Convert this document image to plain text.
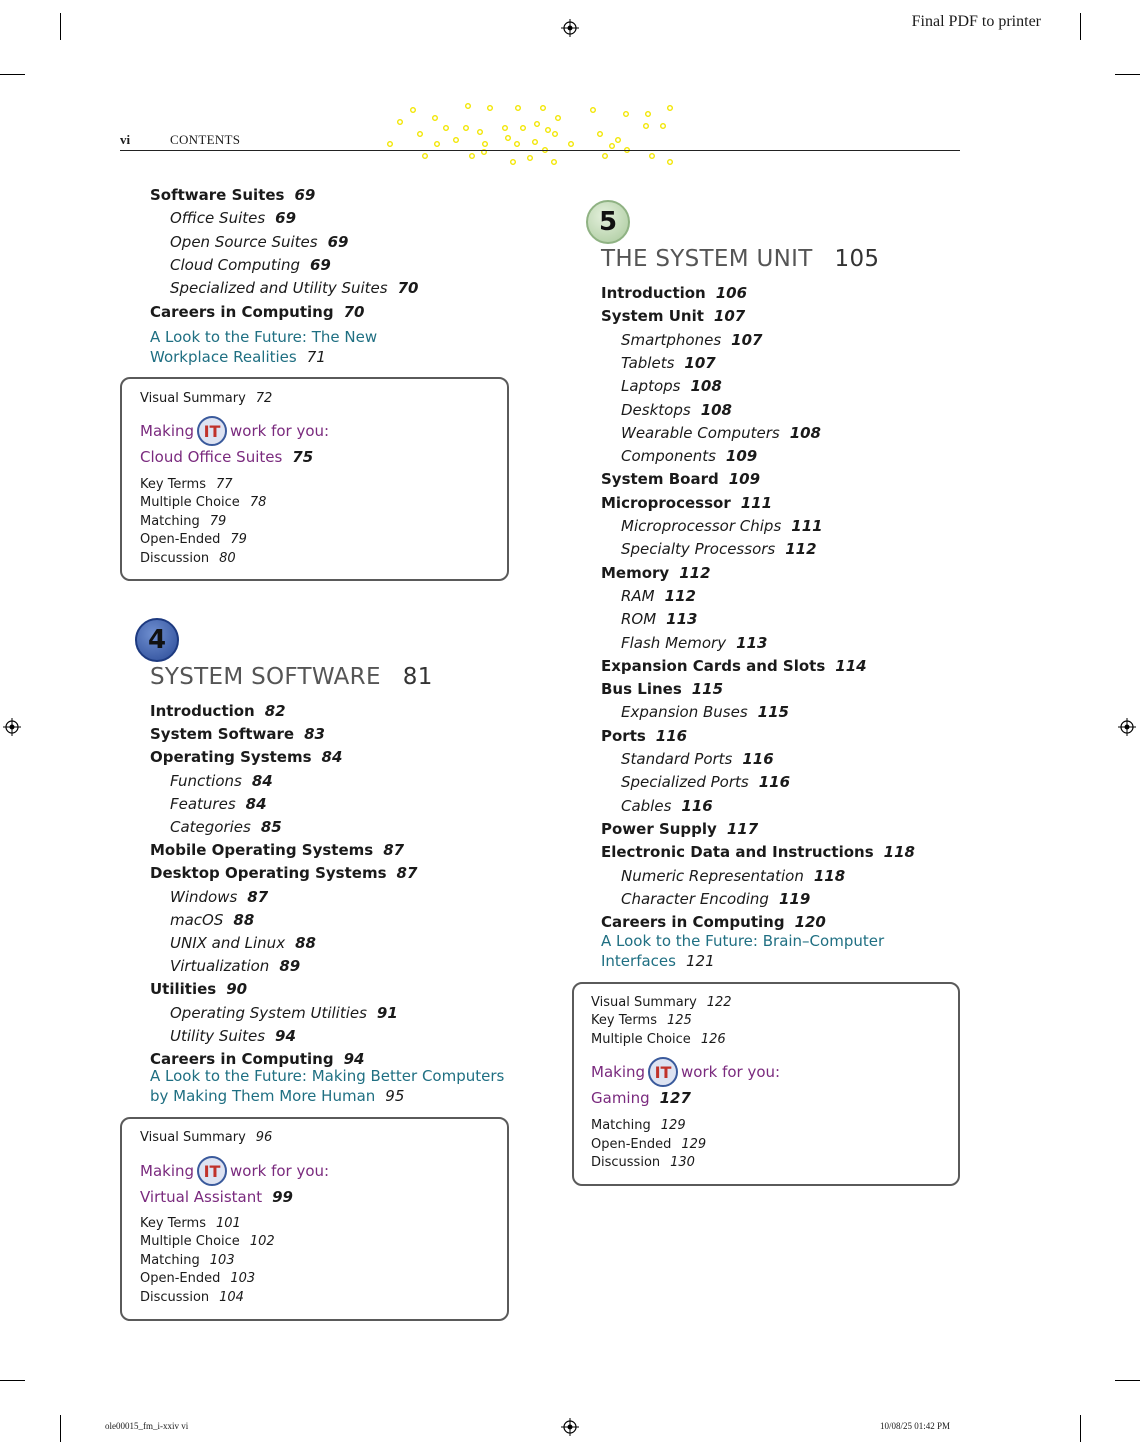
Final PDF to printer
vi	CONTENTS
Software Suites 69
Office Suites 69
Open Source Suites 69
Cloud Computing 69
Specialized and Utility Suites 70
Careers in Computing 70
A Look to the Future: The New
Workplace Realities 71
Visual Summary 72
Making IT work for you:
Cloud Office Suites 75
Key Terms 77
Multiple Choice 78
Matching 79
Open-Ended 79
Discussion 80
4
SYSTEM SOFTWARE 81
Introduction 82
System Software 83
Operating Systems 84
Functions 84
Features 84
Categories 85
Mobile Operating Systems 87
Desktop Operating Systems 87
Windows 87
macOS 88
UNIX and Linux 88
Virtualization 89
Utilities 90
Operating System Utilities 91
Utility Suites 94
Careers in Computing 94
A Look to the Future: Making Better Computers
by Making Them More Human 95
Visual Summary 96
Making IT work for you:
Virtual Assistant 99
Key Terms 101
Multiple Choice 102
Matching 103
Open-Ended 103
Discussion 104
5
THE SYSTEM UNIT 105
Introduction 106
System Unit 107
Smartphones 107
Tablets 107
Laptops 108
Desktops 108
Wearable Computers 108
Components 109
System Board 109
Microprocessor 111
Microprocessor Chips 111
Specialty Processors 112
Memory 112
RAM 112
ROM 113
Flash Memory 113
Expansion Cards and Slots 114
Bus Lines 115
Expansion Buses 115
Ports 116
Standard Ports 116
Specialized Ports 116
Cables 116
Power Supply 117
Electronic Data and Instructions 118
Numeric Representation 118
Character Encoding 119
Careers in Computing 120
A Look to the Future: Brain–Computer
Interfaces 121
Visual Summary 122
Key Terms 125
Multiple Choice 126
Making IT work for you:
Gaming 127
Matching 129
Open-Ended 129
Discussion 130
ole00015_fm_i-xxiv vi	10/08/25 01:42 PM
